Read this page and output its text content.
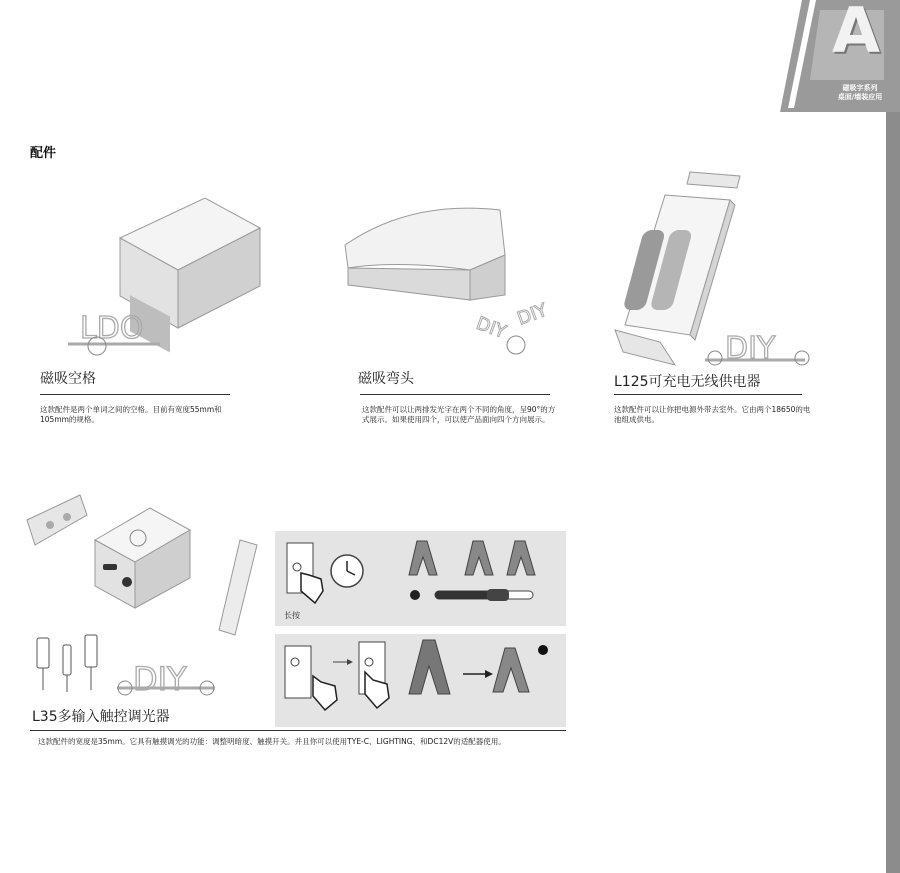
A
磁吸字系列
桌面/墙装应用
配件
LDO
磁吸空格
这款配件是两个单词之间的空格。目前有宽度55mm和105mm的规格。
DIY DIY
磁吸弯头
这款配件可以让两排发光字在两个不同的角度，呈90°的方式展示。如果使用四个，可以使产品面向四个方向展示。
DIY
L125可充电无线供电器
这款配件可以让你把电源外带去室外。它由两个18650的电池组成供电。
DIY
L35多输入触控调光器
这款配件的宽度是35mm。它具有触摸调光的功能：调整明暗度、触摸开关。并且你可以使用TYE-C、LIGHTING、和DC12V的适配器使用。
长按
